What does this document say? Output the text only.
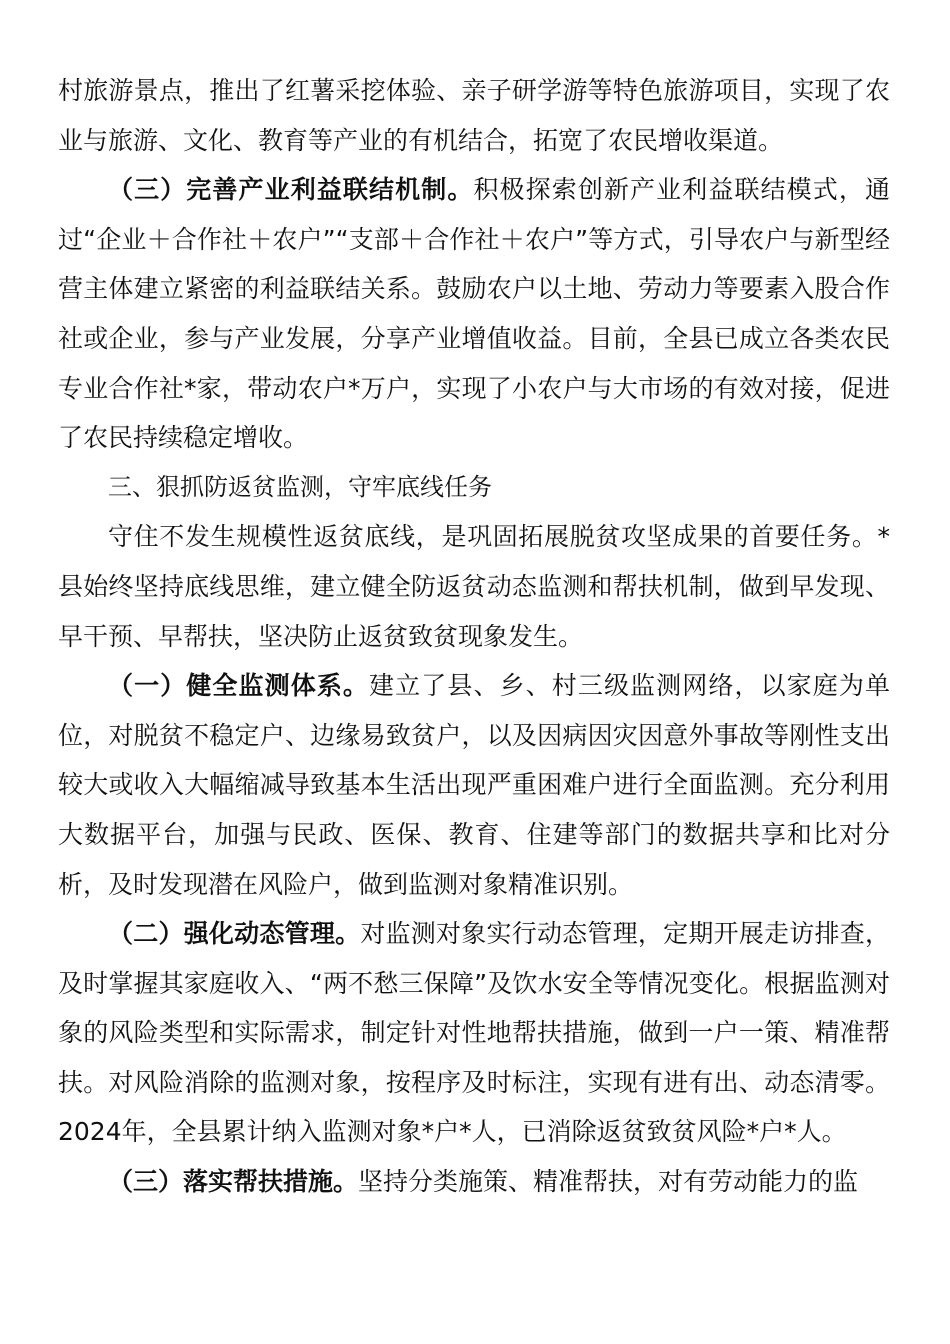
村旅游景点，推出了红薯采挖体验、亲子研学游等特色旅游项目，实现了农业与旅游、文化、教育等产业的有机结合，拓宽了农民增收渠道。

（三）完善产业利益联结机制。积极探索创新产业利益联结模式，通过“企业＋合作社＋农户”“支部＋合作社＋农户”等方式，引导农户与新型经营主体建立紧密的利益联结关系。鼓励农户以土地、劳动力等要素入股合作社或企业，参与产业发展，分享产业增值收益。目前，全县已成立各类农民专业合作社*家，带动农户*万户，实现了小农户与大市场的有效对接，促进了农民持续稳定增收。

三、狠抓防返贫监测，守牢底线任务

守住不发生规模性返贫底线，是巩固拓展脱贫攻坚成果的首要任务。*县始终坚持底线思维，建立健全防返贫动态监测和帮扶机制，做到早发现、早干预、早帮扶，坚决防止返贫致贫现象发生。

（一）健全监测体系。建立了县、乡、村三级监测网络，以家庭为单位，对脱贫不稳定户、边缘易致贫户，以及因病因灾因意外事故等刚性支出较大或收入大幅缩减导致基本生活出现严重困难户进行全面监测。充分利用大数据平台，加强与民政、医保、教育、住建等部门的数据共享和比对分析，及时发现潜在风险户，做到监测对象精准识别。

（二）强化动态管理。对监测对象实行动态管理，定期开展走访排查，及时掌握其家庭收入、“两不愁三保障”及饮水安全等情况变化。根据监测对象的风险类型和实际需求，制定针对性地帮扶措施，做到一户一策、精准帮扶。对风险消除的监测对象，按程序及时标注，实现有进有出、动态清零。2024年，全县累计纳入监测对象*户*人，已消除返贫致贫风险*户*人。

（三）落实帮扶措施。坚持分类施策、精准帮扶，对有劳动能力的监
